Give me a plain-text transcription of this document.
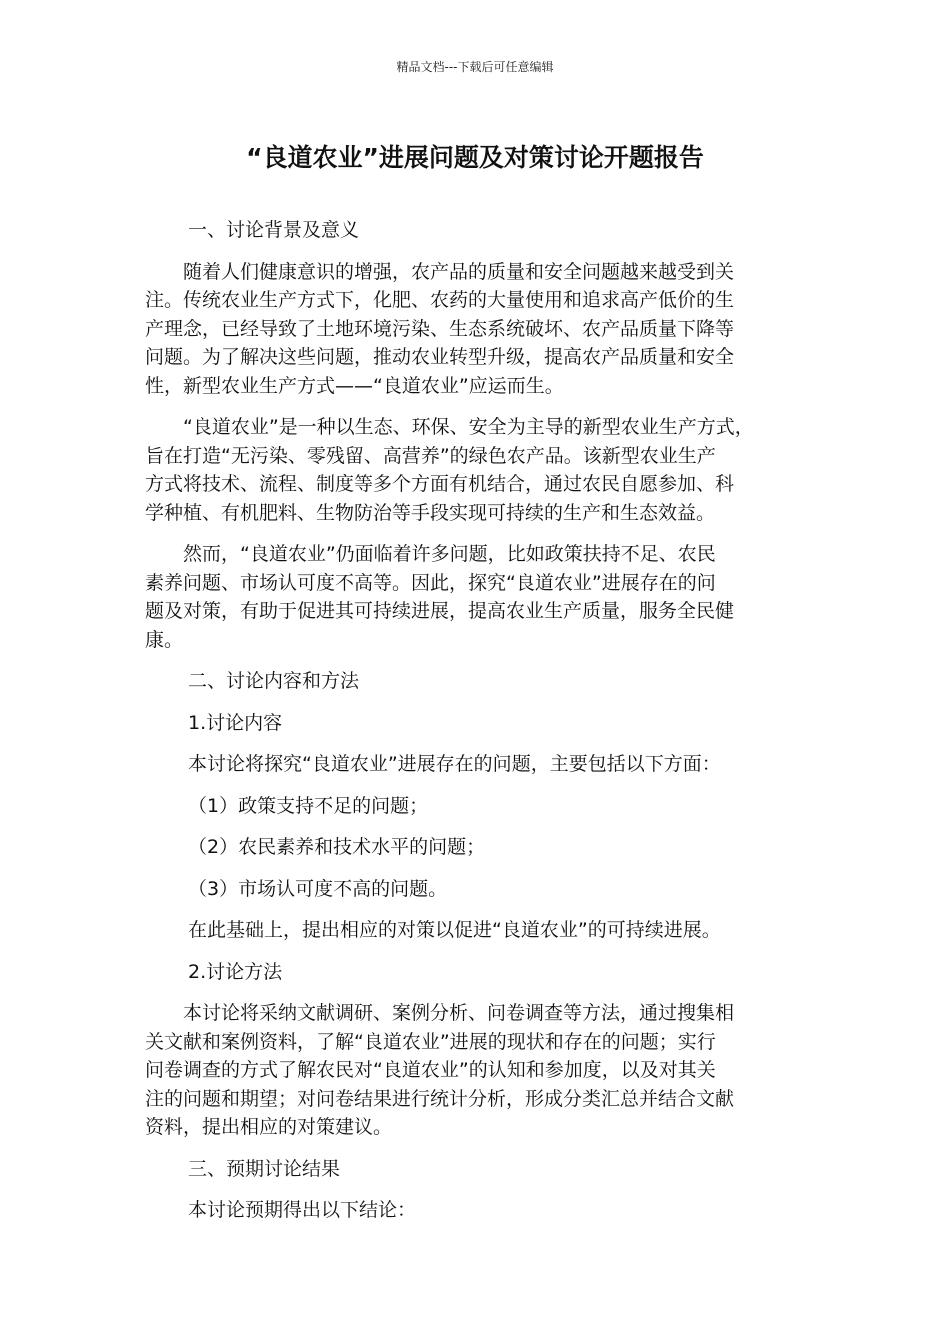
精品文档---下载后可任意编辑
“良道农业”进展问题及对策讨论开题报告
一、讨论背景及意义
随着人们健康意识的增强，农产品的质量和安全问题越来越受到关
注。传统农业生产方式下，化肥、农药的大量使用和追求高产低价的生
产理念，已经导致了土地环境污染、生态系统破坏、农产品质量下降等
问题。为了解决这些问题，推动农业转型升级，提高农产品质量和安全
性，新型农业生产方式——“良道农业”应运而生。
“良道农业”是一种以生态、环保、安全为主导的新型农业生产方式，
旨在打造“无污染、零残留、高营养”的绿色农产品。该新型农业生产
方式将技术、流程、制度等多个方面有机结合，通过农民自愿参加、科
学种植、有机肥料、生物防治等手段实现可持续的生产和生态效益。
然而，“良道农业”仍面临着许多问题，比如政策扶持不足、农民
素养问题、市场认可度不高等。因此，探究“良道农业”进展存在的问
题及对策，有助于促进其可持续进展，提高农业生产质量，服务全民健
康。
二、讨论内容和方法
1.讨论内容
本讨论将探究“良道农业”进展存在的问题，主要包括以下方面：
（1）政策支持不足的问题；
（2）农民素养和技术水平的问题；
（3）市场认可度不高的问题。
在此基础上，提出相应的对策以促进“良道农业”的可持续进展。
2.讨论方法
本讨论将采纳文献调研、案例分析、问卷调查等方法，通过搜集相
关文献和案例资料，了解“良道农业”进展的现状和存在的问题；实行
问卷调查的方式了解农民对“良道农业”的认知和参加度，以及对其关
注的问题和期望；对问卷结果进行统计分析，形成分类汇总并结合文献
资料，提出相应的对策建议。
三、预期讨论结果
本讨论预期得出以下结论：
